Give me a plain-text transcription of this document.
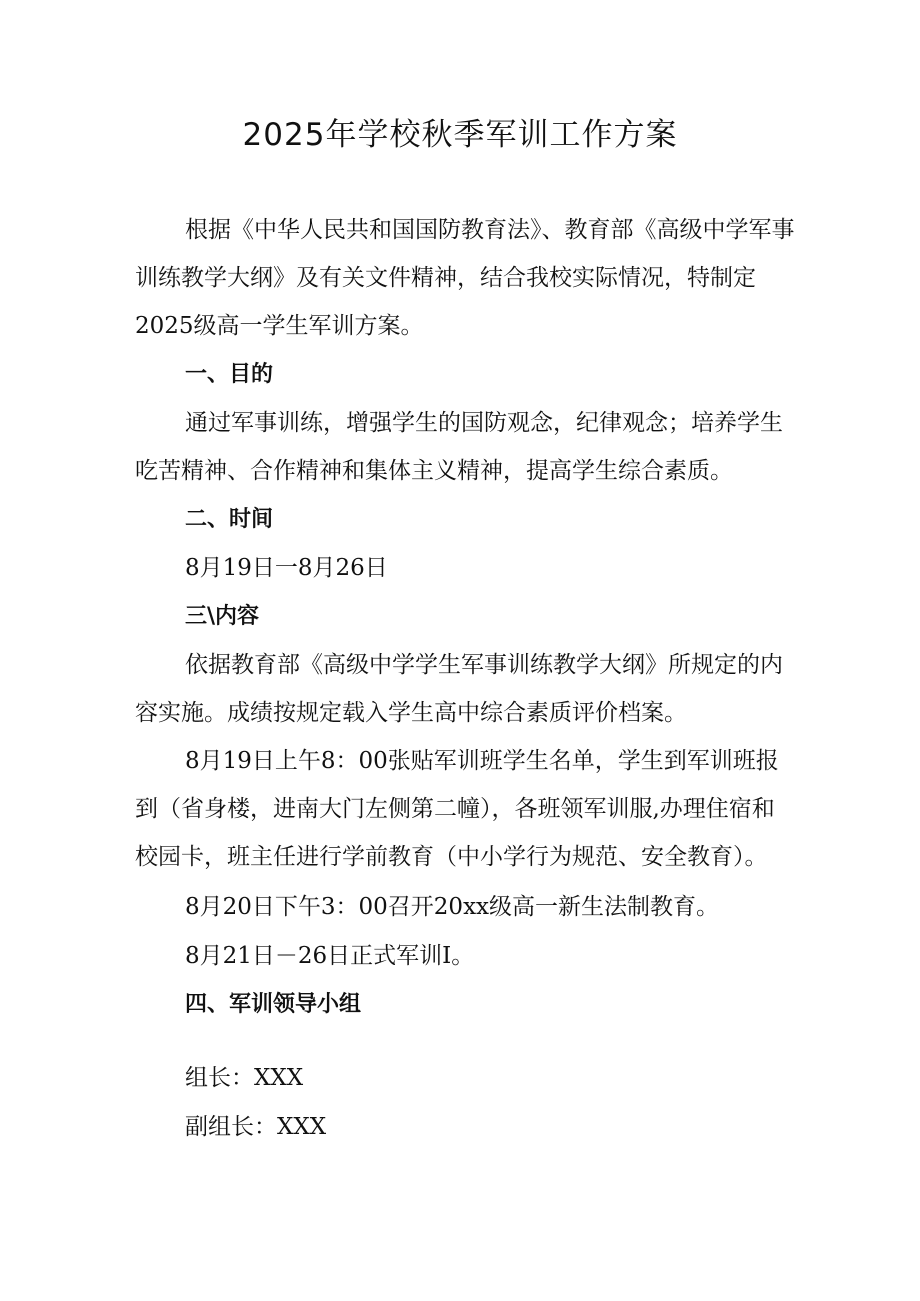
2025年学校秋季军训工作方案

根据《中华人民共和国国防教育法》、教育部《高级中学军事训练教学大纲》及有关文件精神，结合我校实际情况，特制定2025级高一学生军训方案。

一、目的

通过军事训练，增强学生的国防观念，纪律观念；培养学生吃苦精神、合作精神和集体主义精神，提高学生综合素质。

二、时间

8月19日一8月26日

三\内容

依据教育部《高级中学学生军事训练教学大纲》所规定的内容实施。成绩按规定载入学生高中综合素质评价档案。

8月19日上午8：00张贴军训班学生名单，学生到军训班报到（省身楼，进南大门左侧第二幢），各班领军训服,办理住宿和校园卡，班主任进行学前教育（中小学行为规范、安全教育）。

8月20日下午3：00召开20xx级高一新生法制教育。

8月21日－26日正式军训I。

四、军训领导小组

组长：XXX

副组长：XXX
